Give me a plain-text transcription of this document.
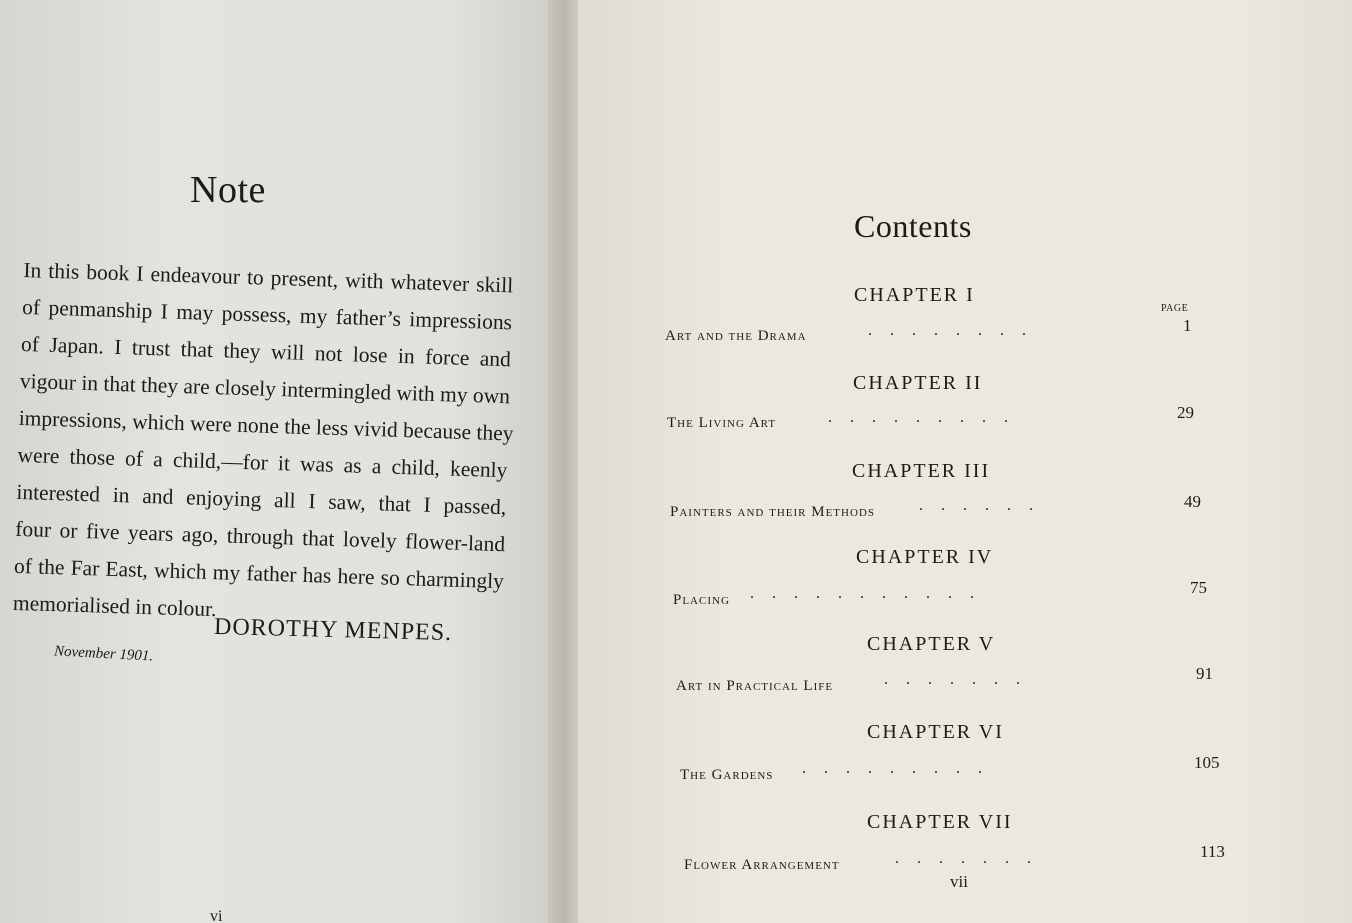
Note
In this book I endeavour to present, with whatever skill
of penmanship I may possess, my father’s impressions
of Japan. I trust that they will not lose in force and
vigour in that they are closely intermingled with my own
impressions, which were none the less vivid because they
were those of a child,—for it was as a child, keenly
interested in and enjoying all I saw, that I passed,
four or five years ago, through that lovely flower-land
of the Far East, which my father has here so charmingly
memorialised in colour.
DOROTHY MENPES.
November 1901.
vi
Contents
PAGE
CHAPTER I
Art and the Drama	. . . . . . . .	1
CHAPTER II
The Living Art	. . . . . . . . .	29
CHAPTER III
Painters and their Methods	. . . . . .	49
CHAPTER IV
Placing . . . . . . . . . . .	75
CHAPTER V
Art in Practical Life	. . . . . . .	91
CHAPTER VI
The Gardens . . . . . . . . .	105
CHAPTER VII
Flower Arrangement	. . . . . . .	113
vii
